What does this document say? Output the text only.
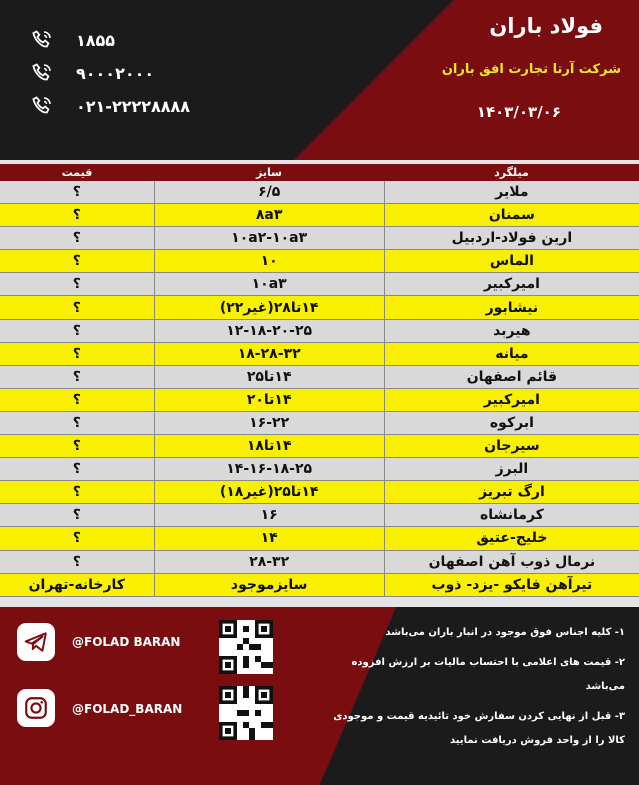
۱۸۵۵
۹۰۰۰۲۰۰۰
۰۲۱-۲۲۲۲۸۸۸۸
فولاد باران
شرکت آرتا تجارت افق باران
۱۴۰۳/۰۳/۰۶
میلگرد
سایز
قیمت
ملایر
۶/۵
؟
سمنان
۸a۳
؟
ارین فولاد-اردبیل
۱۰a۲-۱۰a۳
؟
الماس
۱۰
؟
امیرکبیر
۱۰a۳
؟
نیشابور
۱۴تا۲۸(غیر۲۲)
؟
هیربد
۱۲-۱۸-۲۰-۲۵
؟
میانه
۱۸-۲۸-۳۲
؟
قائم اصفهان
۱۴تا۲۵
؟
امیرکبیر
۱۴تا۲۰
؟
ابرکوه
۱۶-۲۲
؟
سیرجان
۱۴تا۱۸
؟
البرز
۱۴-۱۶-۱۸-۲۵
؟
ارگ تبریز
۱۴تا۲۵(غیر۱۸)
؟
کرمانشاه
۱۶
؟
خلیج-عتیق
۱۴
؟
نرمال ذوب آهن اصفهان
۲۸-۳۲
؟
تیرآهن فایکو -یزد- ذوب
سایزموجود
کارخانه-تهران
@FOLAD BARAN
@FOLAD_BARAN
۱- کلیه اجناس فوق موجود در انبار باران می‌باشد
۲- قیمت های اعلامی با احتساب مالیات بر ارزش افزوده می‌باشد
۳- قبل از نهایی کردن سفارش خود تائیدیه قیمت و موجودی کالا را از واحد فروش دریافت نمایید
